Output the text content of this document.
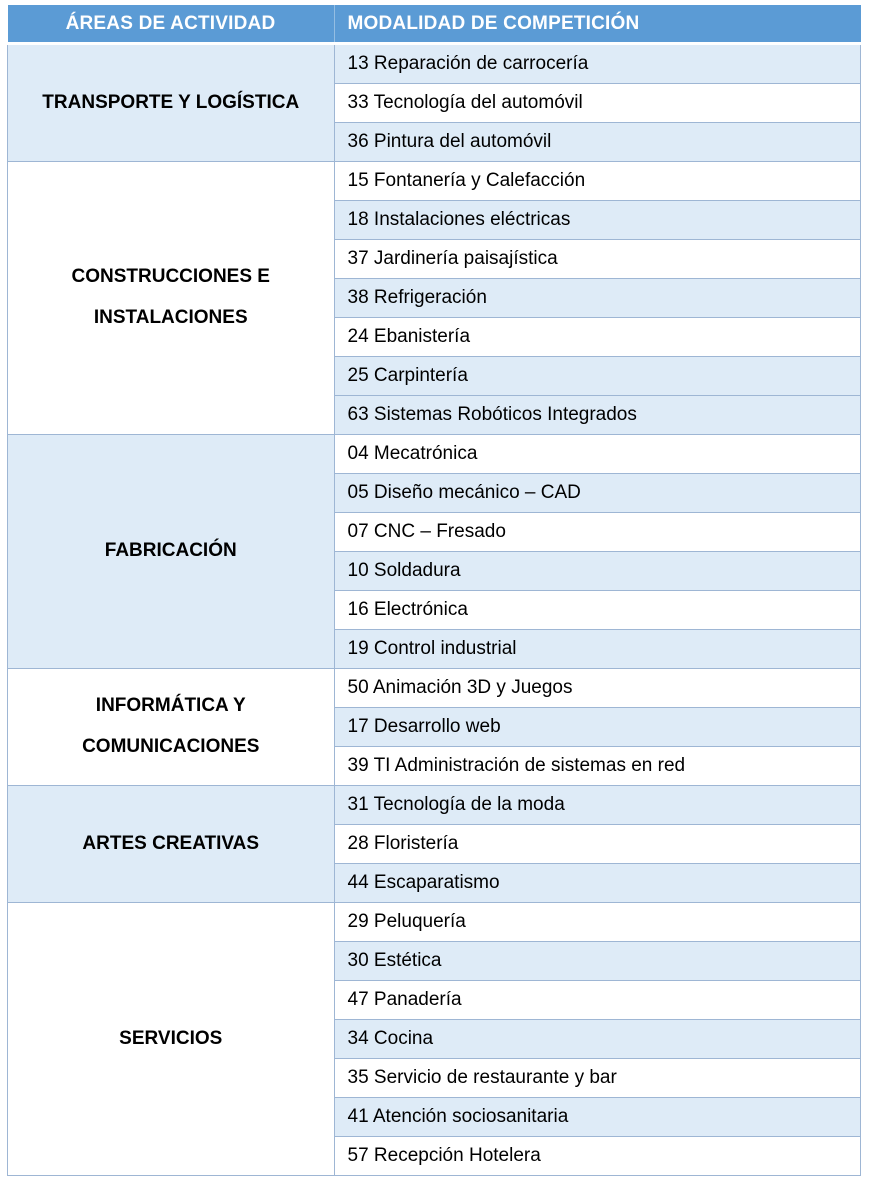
ÁREAS DE ACTIVIDAD	MODALIDAD DE COMPETICIÓN
TRANSPORTE Y LOGÍSTICA	13 Reparación de carrocería
	33 Tecnología del automóvil
	36 Pintura del automóvil
CONSTRUCCIONES E INSTALACIONES	15 Fontanería y Calefacción
	18 Instalaciones eléctricas
	37 Jardinería paisajística
	38 Refrigeración
	24 Ebanistería
	25 Carpintería
	63 Sistemas Robóticos Integrados
FABRICACIÓN	04 Mecatrónica
	05 Diseño mecánico – CAD
	07 CNC – Fresado
	10 Soldadura
	16 Electrónica
	19 Control industrial
INFORMÁTICA Y COMUNICACIONES	50 Animación 3D y Juegos
	17 Desarrollo web
	39 TI Administración de sistemas en red
ARTES CREATIVAS	31 Tecnología de la moda
	28 Floristería
	44 Escaparatismo
SERVICIOS	29 Peluquería
	30 Estética
	47 Panadería
	34 Cocina
	35 Servicio de restaurante y bar
	41 Atención sociosanitaria
	57 Recepción Hotelera
